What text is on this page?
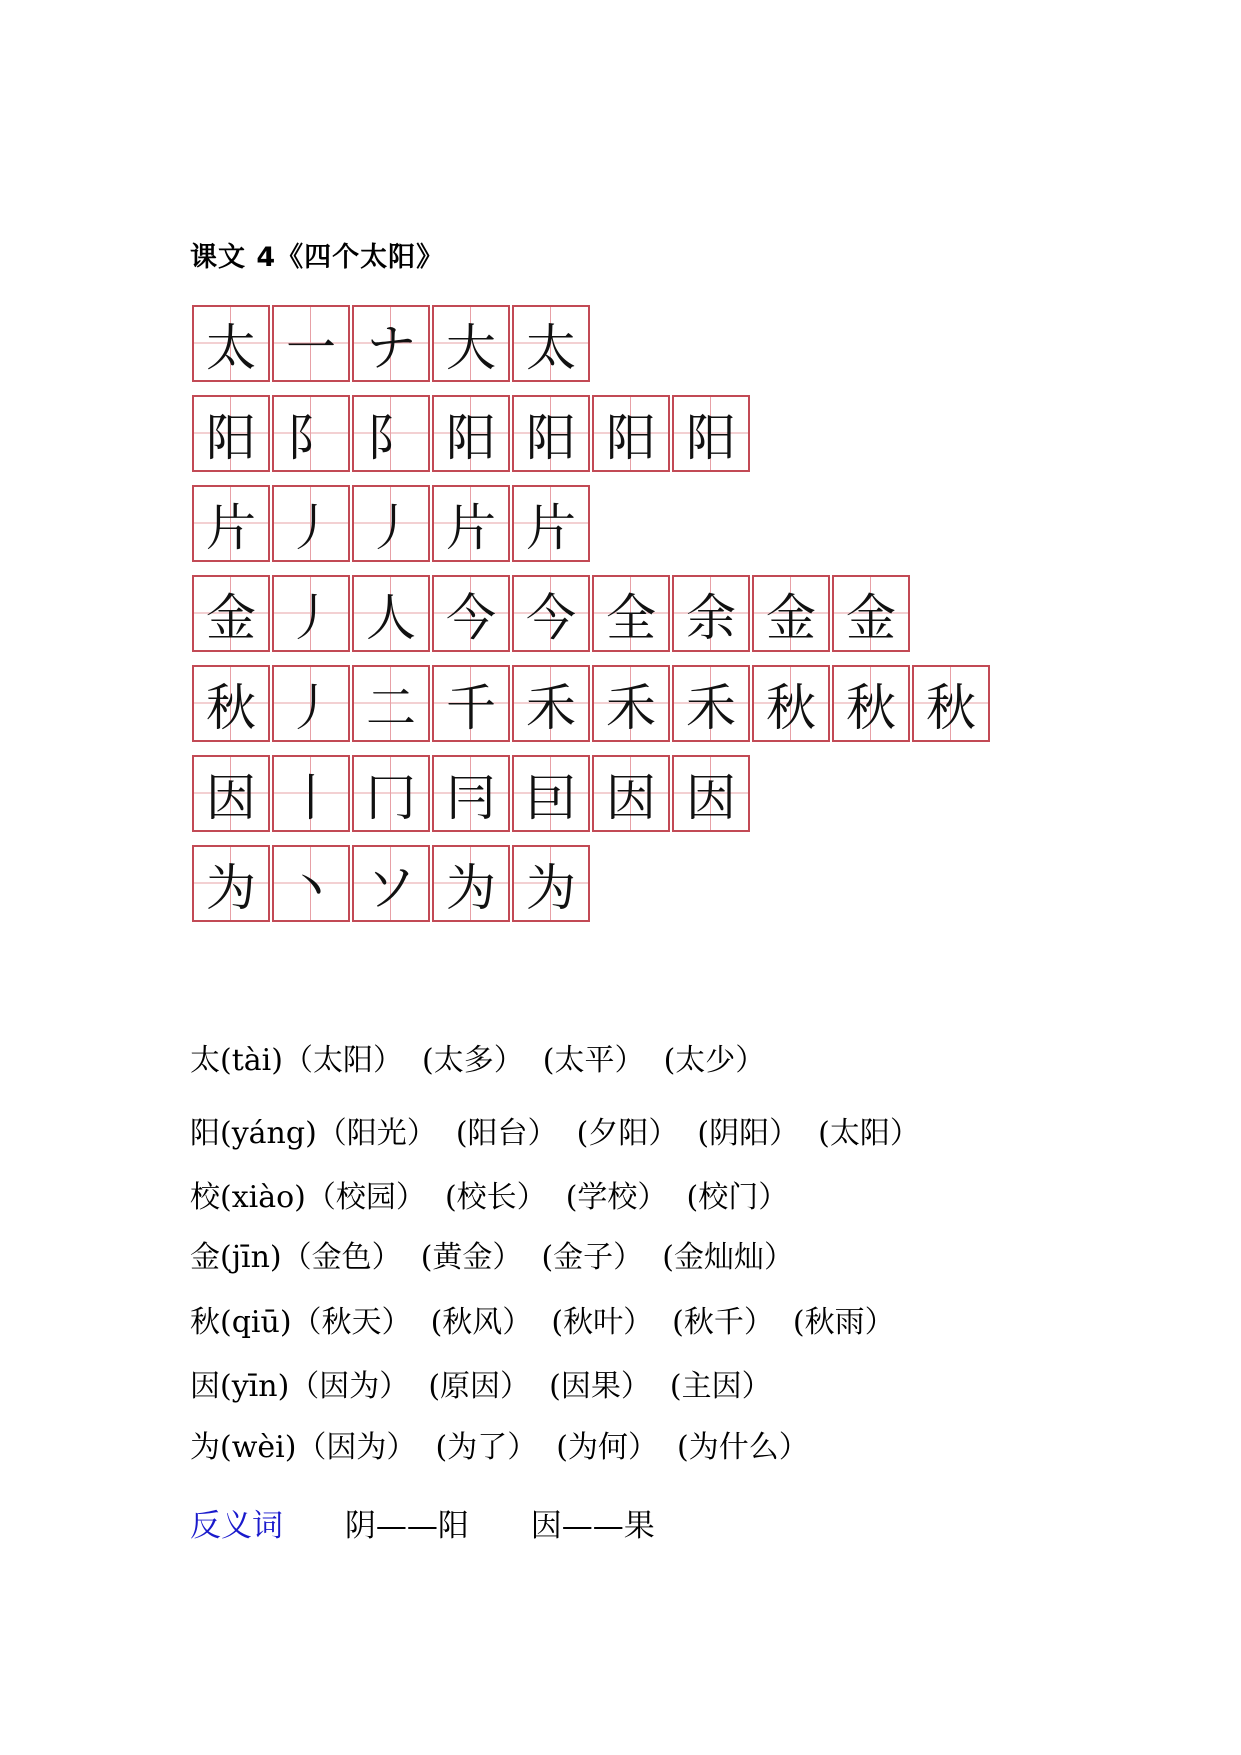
课文 4《四个太阳》
太 一 ナ 大 太
阳 阝 阝 阳 阳 阳 阳
片 丿 丿 片 片
金 丿 人 今 今 全 余 金 金
秋 丿 二 千 禾 禾 禾 秋 秋 秋
因 丨 冂 冃 囙 因 因
为 丶 ソ 为 为
太(tài)（太阳）  (太多）  (太平）  (太少）
阳(yáng)（阳光）  (阳台）  (夕阳）  (阴阳）  (太阳）
校(xiào)（校园）  (校长）  (学校）  (校门）
金(jīn)（金色）  (黄金）  (金子）  (金灿灿）
秋(qiū)（秋天）  (秋风）  (秋叶）  (秋千）  (秋雨）
因(yīn)（因为）  (原因）  (因果）  (主因）
为(wèi)（因为）  (为了）  (为何）  (为什么）
反义词 阴——阳 因——果
